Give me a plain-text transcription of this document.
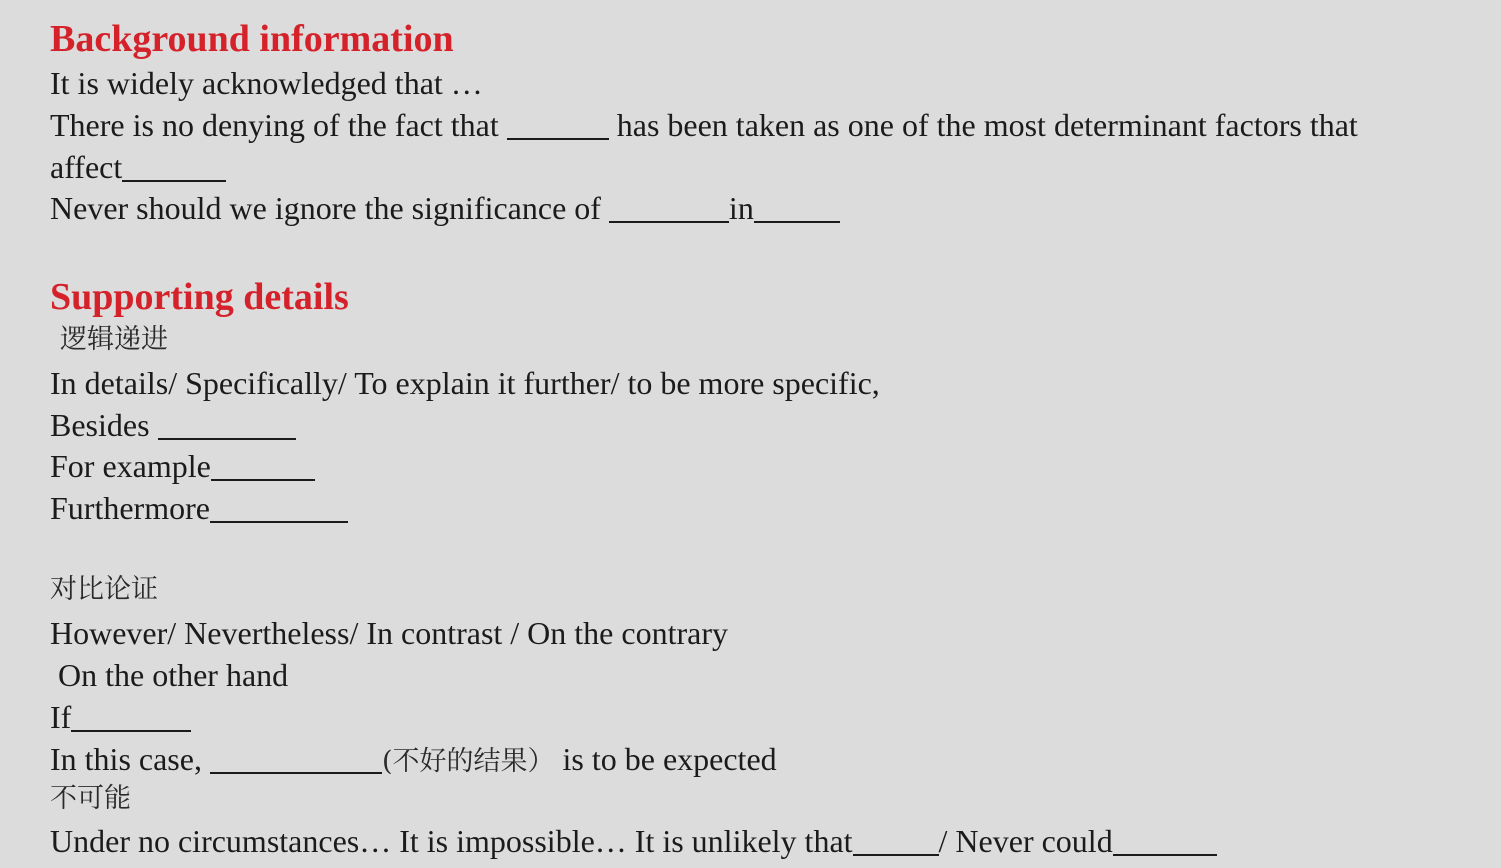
Background information
It is widely acknowledged that …
There is no denying of the fact that	has been taken as one of the most determinant factors that
affect
Never should we ignore the significance of	in
Supporting details
逻辑递进
In details/ Specifically/ To explain it further/ to be more specific,
Besides
For example
Furthermore
对比论证
However/ Nevertheless/ In contrast / On the contrary
On the other hand
If
In this case,	(不好的结果） is to be expected
不可能
Under no circumstances… It is impossible… It is unlikely that	/ Never could
